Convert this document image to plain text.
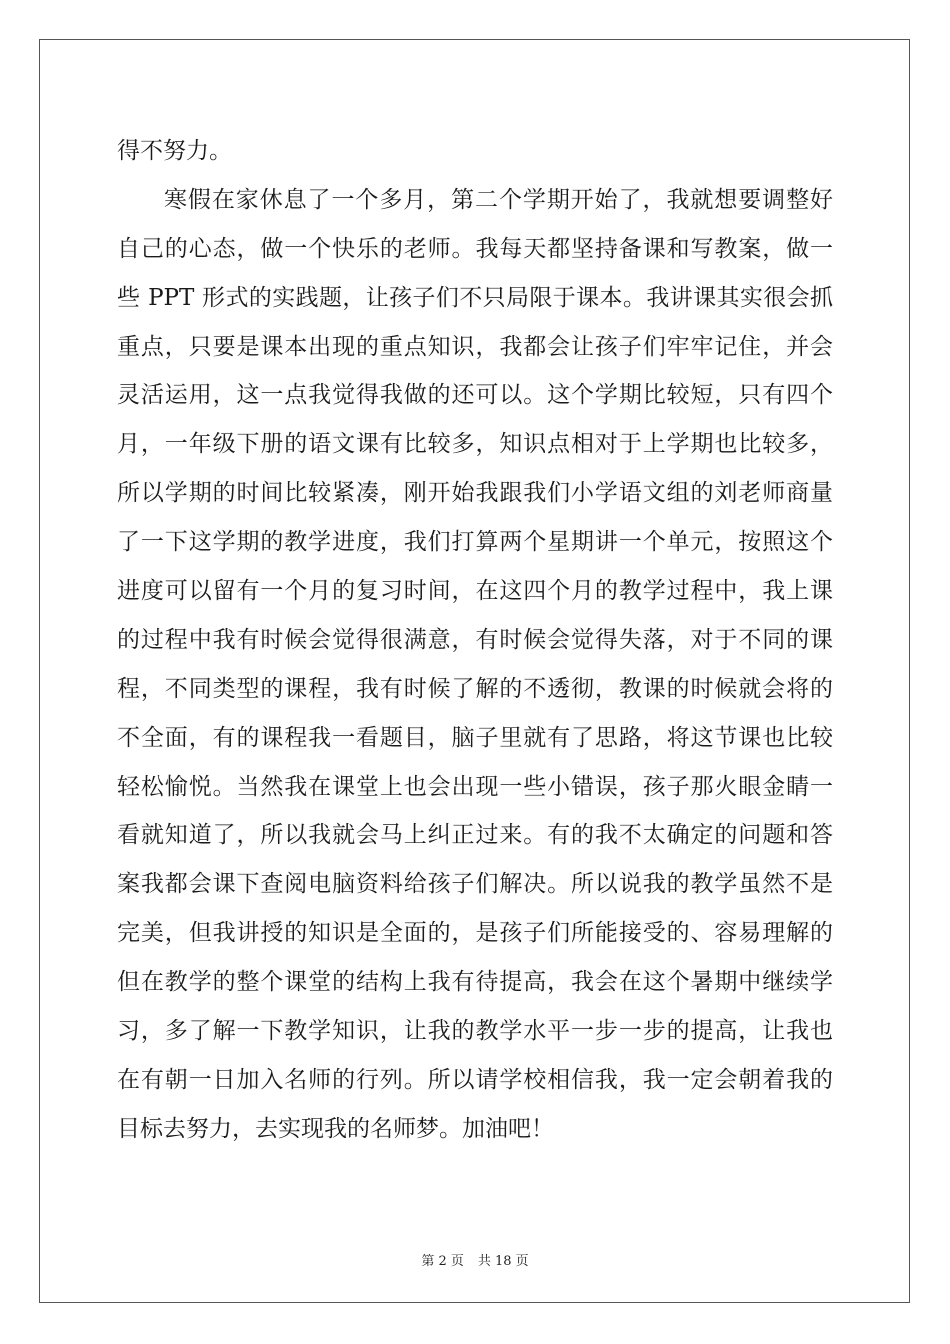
得不努力。
寒假在家休息了一个多月，第二个学期开始了，我就想要调整好
自己的心态，做一个快乐的老师。我每天都坚持备课和写教案，做一
些 PPT 形式的实践题，让孩子们不只局限于课本。我讲课其实很会抓
重点，只要是课本出现的重点知识，我都会让孩子们牢牢记住，并会
灵活运用，这一点我觉得我做的还可以。这个学期比较短，只有四个
月，一年级下册的语文课有比较多，知识点相对于上学期也比较多，
所以学期的时间比较紧凑，刚开始我跟我们小学语文组的刘老师商量
了一下这学期的教学进度，我们打算两个星期讲一个单元，按照这个
进度可以留有一个月的复习时间，在这四个月的教学过程中，我上课
的过程中我有时候会觉得很满意，有时候会觉得失落，对于不同的课
程，不同类型的课程，我有时候了解的不透彻，教课的时候就会将的
不全面，有的课程我一看题目，脑子里就有了思路，将这节课也比较
轻松愉悦。当然我在课堂上也会出现一些小错误，孩子那火眼金睛一
看就知道了，所以我就会马上纠正过来。有的我不太确定的问题和答
案我都会课下查阅电脑资料给孩子们解决。所以说我的教学虽然不是
完美，但我讲授的知识是全面的，是孩子们所能接受的、容易理解的
但在教学的整个课堂的结构上我有待提高，我会在这个暑期中继续学
习，多了解一下教学知识，让我的教学水平一步一步的提高，让我也
在有朝一日加入名师的行列。所以请学校相信我，我一定会朝着我的
目标去努力，去实现我的名师梦。加油吧！
第 2 页 共 18 页
